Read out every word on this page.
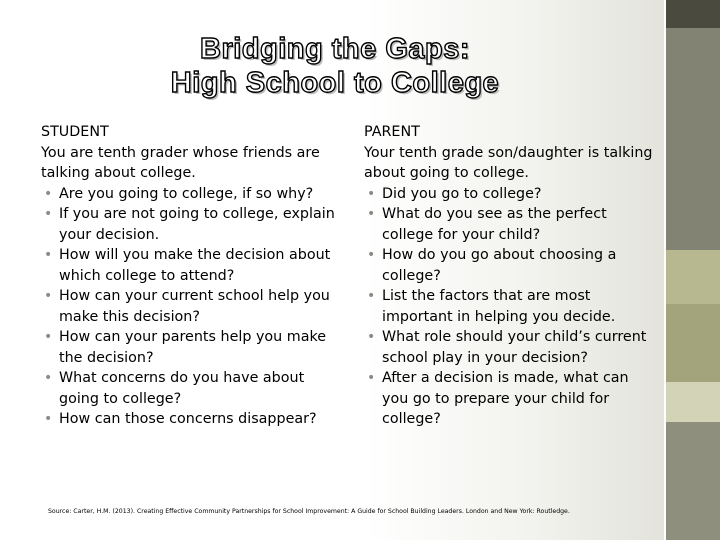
Bridging the Gaps:
High School to College
STUDENT
You are tenth grader whose friends are talking about college.
• Are you going to college, if so why?
• If you are not going to college, explain your decision.
• How will you make the decision about which college to attend?
• How can your current school help you make this decision?
• How can your parents help you make the decision?
• What concerns do you have about going to college?
• How can those concerns disappear?
PARENT
Your tenth grade son/daughter is talking about going to college.
• Did you go to college?
• What do you see as the perfect college for your child?
• How do you go about choosing a college?
• List the factors that are most important in helping you decide.
• What role should your child’s current school play in your decision?
• After a decision is made, what can you go to prepare your child for college?
Source: Carter, H.M. (2013). Creating Effective Community Partnerships for School Improvement: A Guide for School Building Leaders. London and New York: Routledge.
